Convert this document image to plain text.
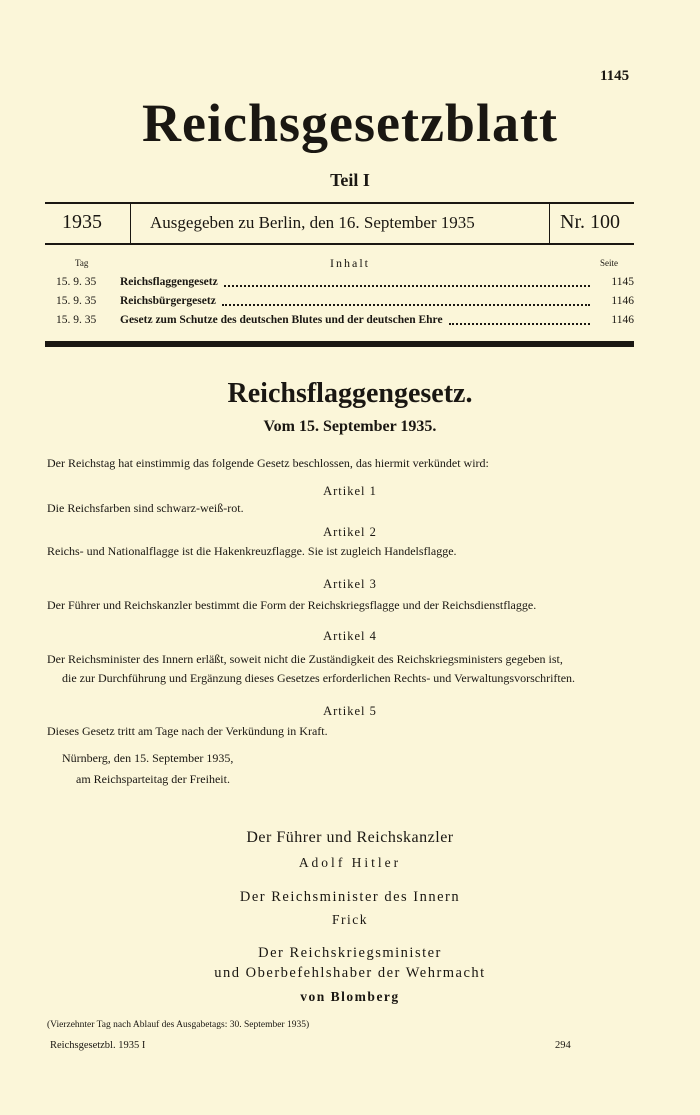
1145
Reichsgesetzblatt
Teil I
1935	Ausgegeben zu Berlin, den 16. September 1935	Nr. 100
Tag	Inhalt	Seite
15. 9. 35	Reichsflaggengesetz	1145
15. 9. 35	Reichsbürgergesetz	1146
15. 9. 35	Gesetz zum Schutze des deutschen Blutes und der deutschen Ehre	1146
Reichsflaggengesetz.
Vom 15. September 1935.
Der Reichstag hat einstimmig das folgende Gesetz beschlossen, das hiermit verkündet wird:
Artikel 1
Die Reichsfarben sind schwarz-weiß-rot.
Artikel 2
Reichs- und Nationalflagge ist die Hakenkreuzflagge. Sie ist zugleich Handelsflagge.
Artikel 3
Der Führer und Reichskanzler bestimmt die Form der Reichskriegsflagge und der Reichsdienstflagge.
Artikel 4
Der Reichsminister des Innern erläßt, soweit nicht die Zuständigkeit des Reichskriegsministers gegeben ist,
die zur Durchführung und Ergänzung dieses Gesetzes erforderlichen Rechts- und Verwaltungsvorschriften.
Artikel 5
Dieses Gesetz tritt am Tage nach der Verkündung in Kraft.
Nürnberg, den 15. September 1935,
am Reichsparteitag der Freiheit.
Der Führer und Reichskanzler
Adolf Hitler
Der Reichsminister des Innern
Frick
Der Reichskriegsminister
und Oberbefehlshaber der Wehrmacht
von Blomberg
(Vierzehnter Tag nach Ablauf des Ausgabetags: 30. September 1935)
Reichsgesetzbl. 1935 I	294
